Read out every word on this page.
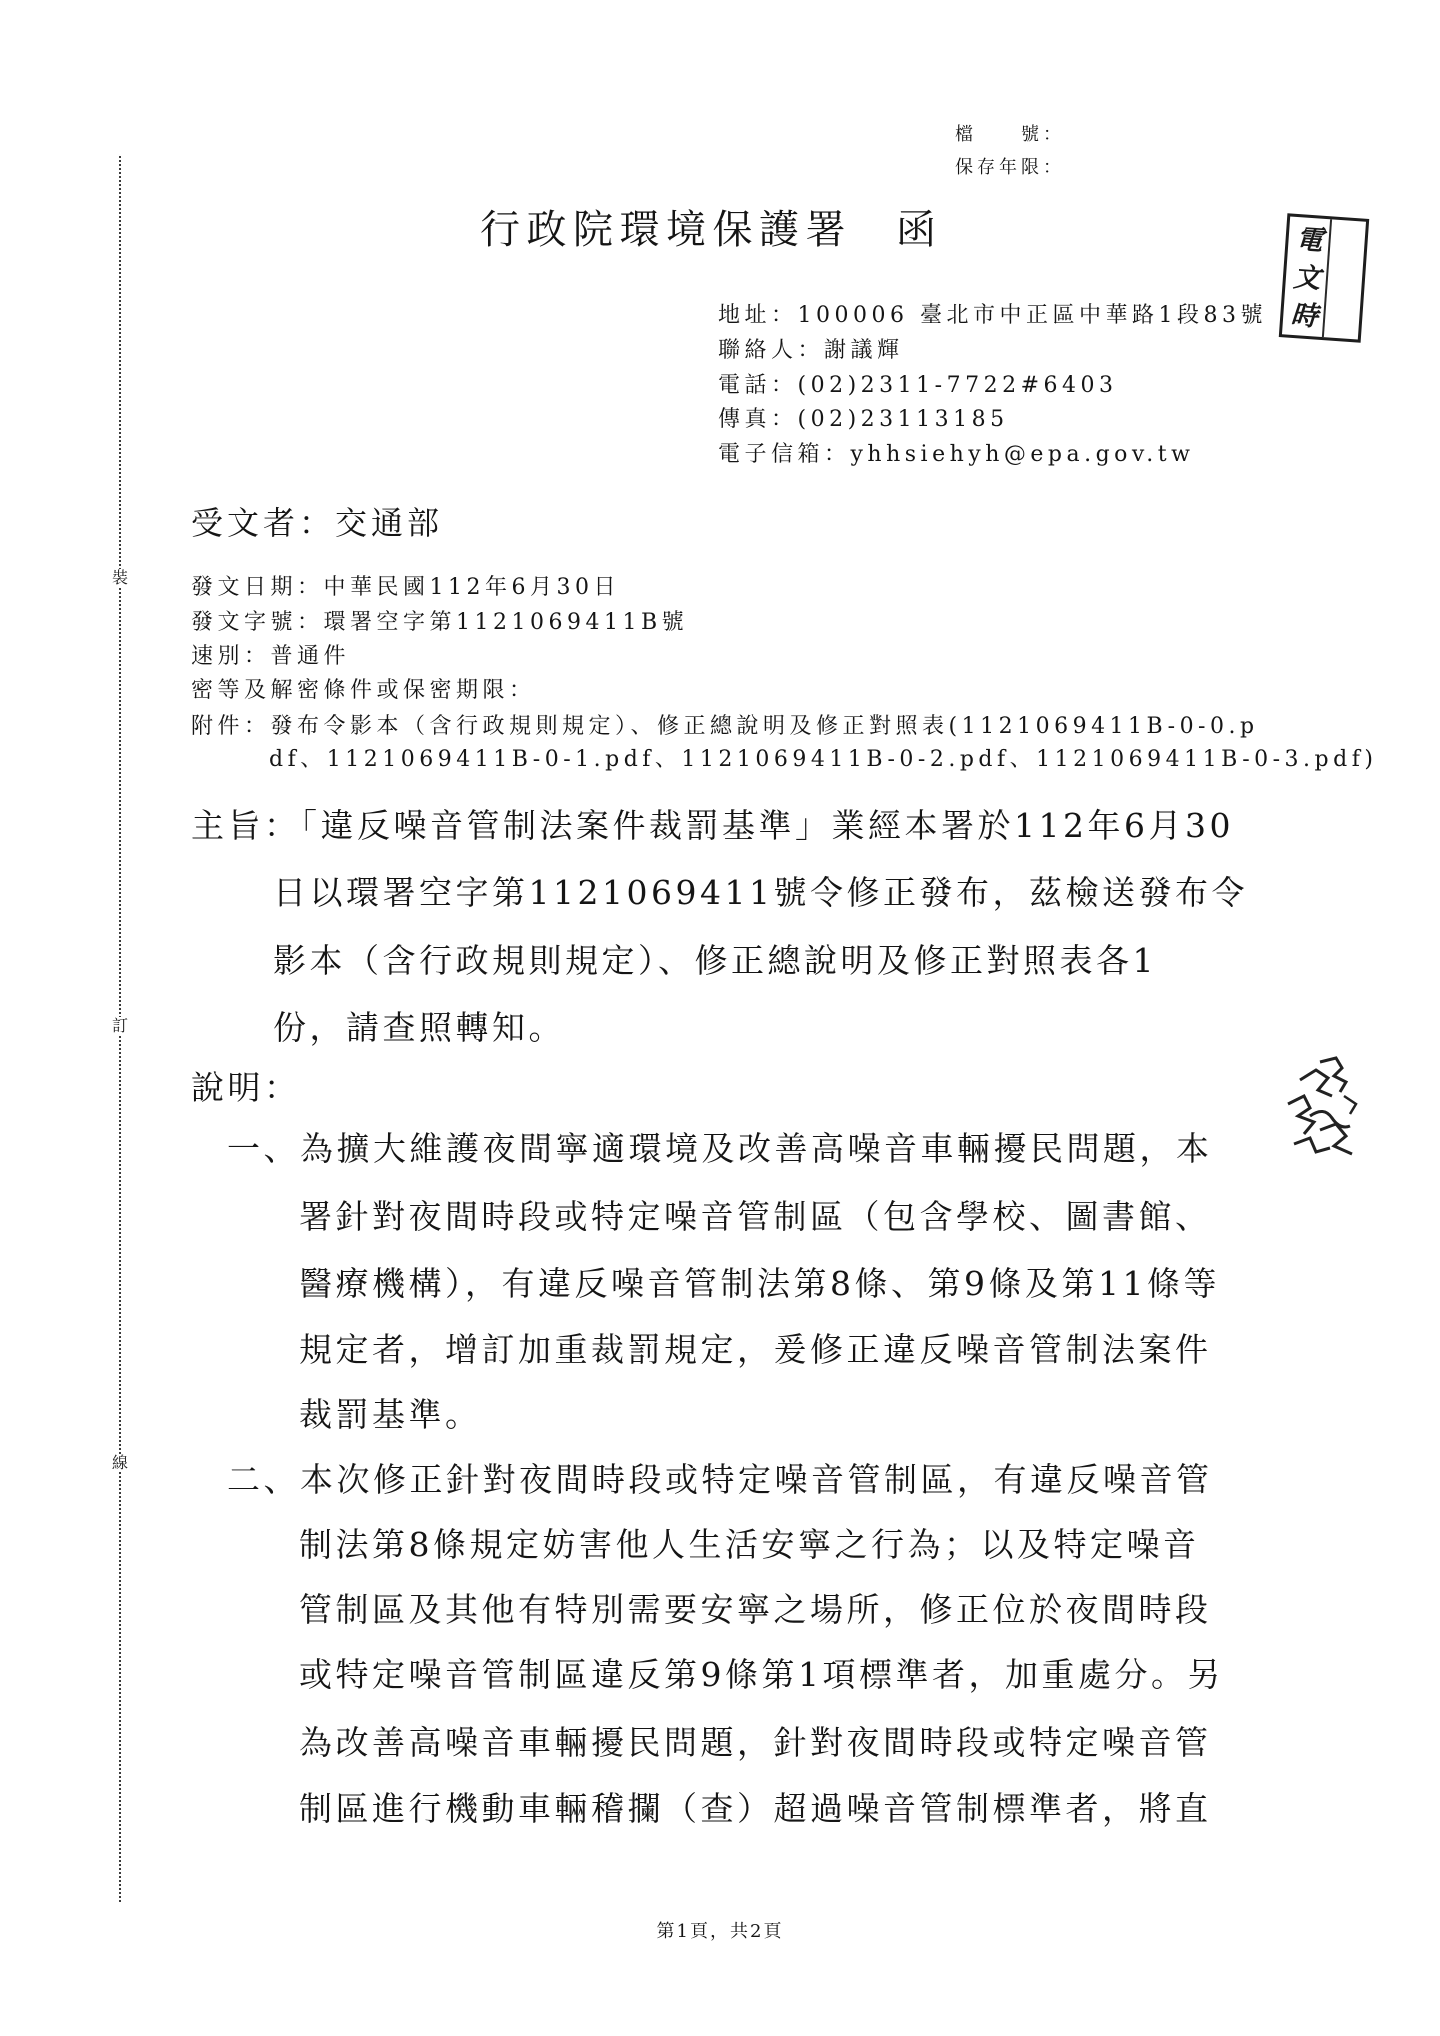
裝
訂
線
檔　　號：
保存年限：
行政院環境保護署 函	電
文
時
地址：100006 臺北市中正區中華路1段83號
聯絡人：謝議輝
電話：(02)2311-7722#6403
傳真：(02)23113185
電子信箱：yhhsiehyh@epa.gov.tw
受文者：交通部
發文日期：中華民國112年6月30日
發文字號：環署空字第1121069411B號
速別：普通件
密等及解密條件或保密期限：
附件：發布令影本（含行政規則規定）、修正總說明及修正對照表(1121069411B-0-0.p
df、1121069411B-0-1.pdf、1121069411B-0-2.pdf、1121069411B-0-3.pdf)
主旨：「違反噪音管制法案件裁罰基準」業經本署於112年6月30
日以環署空字第1121069411號令修正發布，茲檢送發布令
影本（含行政規則規定）、修正總說明及修正對照表各1
份，請查照轉知。
說明：
一、為擴大維護夜間寧適環境及改善高噪音車輛擾民問題，本
署針對夜間時段或特定噪音管制區（包含學校、圖書館、
醫療機構），有違反噪音管制法第8條、第9條及第11條等
規定者，增訂加重裁罰規定，爰修正違反噪音管制法案件
裁罰基準。
二、本次修正針對夜間時段或特定噪音管制區，有違反噪音管
制法第8條規定妨害他人生活安寧之行為；以及特定噪音
管制區及其他有特別需要安寧之場所，修正位於夜間時段
或特定噪音管制區違反第9條第1項標準者，加重處分。另
為改善高噪音車輛擾民問題，針對夜間時段或特定噪音管
制區進行機動車輛稽攔（查）超過噪音管制標準者，將直
第1頁，共2頁
